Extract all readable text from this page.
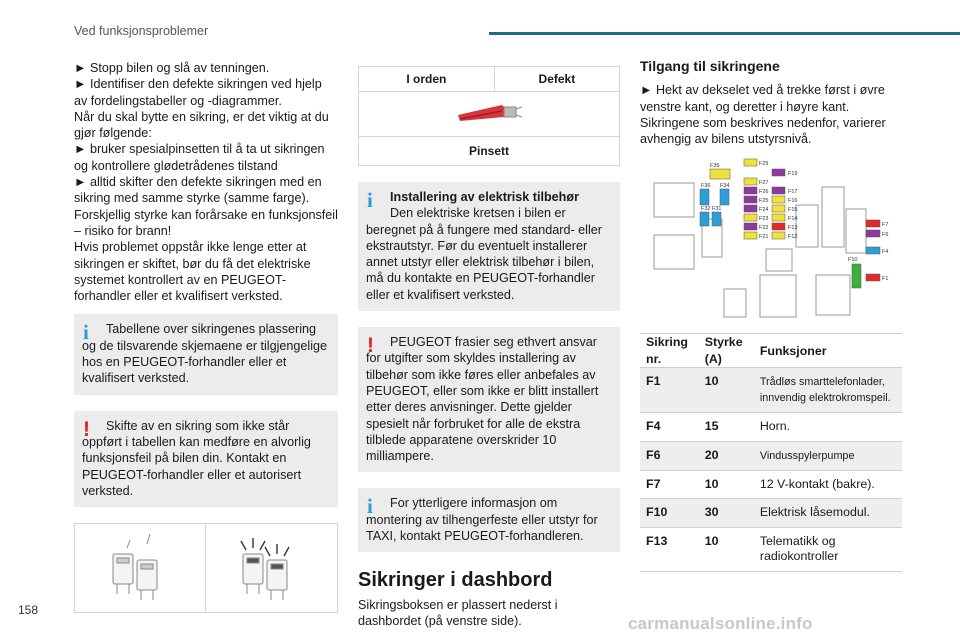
Ved funksjonsproblemer

► Stopp bilen og slå av tenningen.

► Identifiser den defekte sikringen ved hjelp av fordelingstabeller og -diagrammer.

Når du skal bytte en sikring, er det viktig at du gjør følgende:

► bruker spesialpinsetten til å ta ut sikringen og kontrollere glødetrådenes tilstand

► alltid skifter den defekte sikringen med en sikring med samme styrke (samme farge).

Forskjellig styrke kan forårsake en funksjonsfeil – risiko for brann!

Hvis problemet oppstår ikke lenge etter at sikringen er skiftet, bør du få det elektriske systemet kontrollert av en PEUGEOT-forhandler eller et kvalifisert verksted.

i Tabellene over sikringenes plassering og de tilsvarende skjemaene er tilgjengelige hos en PEUGEOT-forhandler eller et kvalifisert verksted.
! Skifte av en sikring som ikke står oppført i tabellen kan medføre en alvorlig funksjonsfeil på bilen din. Kontakt en PEUGEOT-forhandler eller et autorisert verksted.
I orden	Defekt

Pinsett
i Installering av elektrisk tilbehør
Den elektriske kretsen i bilen er beregnet på å fungere med standard- eller ekstrautstyr. Før du eventuelt installerer annet utstyr eller elektrisk tilbehør i bilen, må du kontakte en PEUGEOT-forhandler eller et kvalifisert verksted.
! PEUGEOT frasier seg ethvert ansvar for utgifter som skyldes installering av tilbehør som ikke føres eller anbefales av PEUGEOT, eller som ikke er blitt installert etter deres anvisninger. Dette gjelder spesielt når forbruket for alle de ekstra tilblede apparatene overskrider 10 milliampere.
i For ytterligere informasjon om montering av tilhengerfeste eller utstyr for TAXI, kontakt PEUGEOT-forhandleren.
Sikringer i dashbord

Sikringsboksen er plassert nederst i dashbordet (på venstre side).

Tilgang til sikringene

► Hekt av dekselet ved å trekke først i øvre venstre kant, og deretter i høyre kant.

Sikringene som beskrives nedenfor, varierer avhengig av bilens utstyrsnivå.

F35
F36 F34
F32 F31
F29
F19
F27
F26	F17
F25	F16
F24	F15
F23	F14
F22	F13
F21	F12
F7
F6
F4
F10
F1
Sikring nr.	Styrke (A)	Funksjoner
F1	10	Trådløs smarttelefonlader, innvendig elektrokromspeil.
F4	15	Horn.
F6	20	Vindusspylerpumpe
F7	10	12 V-kontakt (bakre).
F10	30	Elektrisk låsemodul.
F13	10	Telematikk og radiokontroller
158
carmanualsonline.info
